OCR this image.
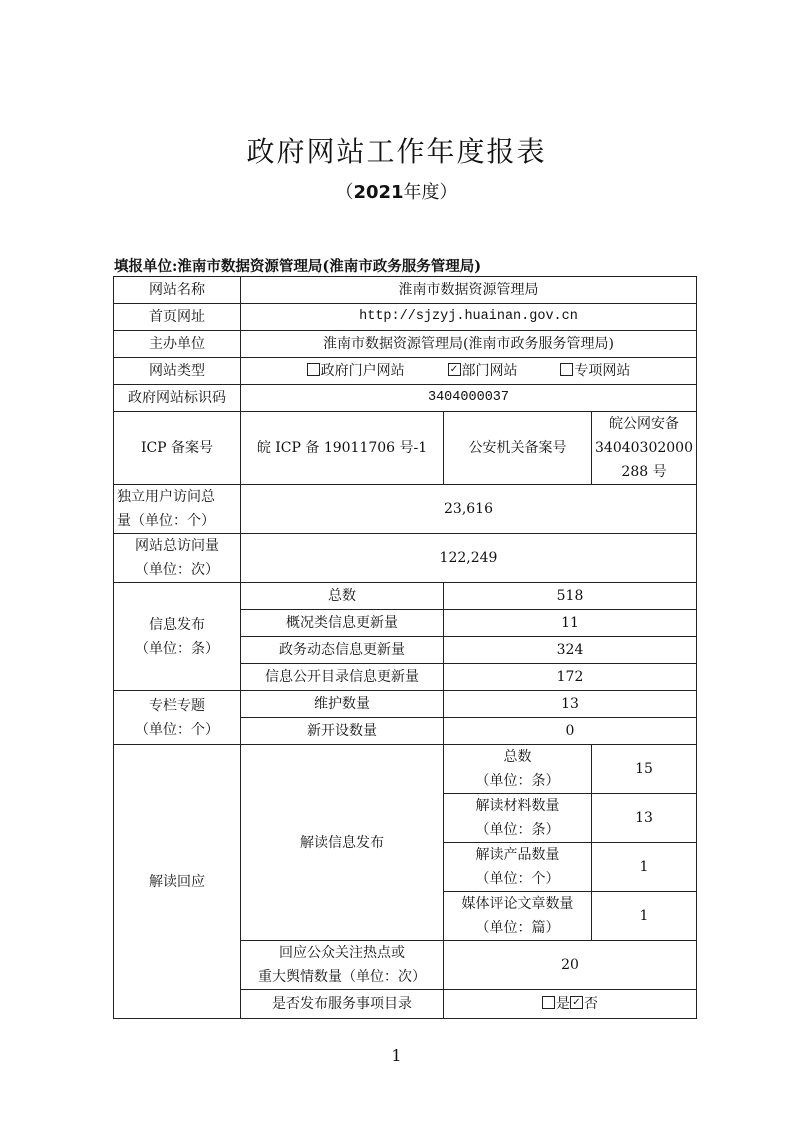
政府网站工作年度报表
（2021年度）
填报单位:淮南市数据资源管理局(淮南市政务服务管理局)
网站名称	淮南市数据资源管理局		
首页网址	http://sjzyj.huainan.gov.cn		
主办单位	淮南市数据资源管理局(淮南市政务服务管理局)		
网站类型	政府门户网站 ✓ 部门网站 专项网站
政府网站标识码	3404000037		
ICP 备案号	皖 ICP 备 19011706 号-1	公安机关备案号	皖公网安备
34040302000
288 号

独立用户访问总
量（单位：个）	23,616		

网站总访问量
（单位：次）	122,249		

信息发布
（单位：条）	总数	518	
	概况类信息更新量	11	
	政务动态信息更新量	324	
	信息公开目录信息更新量	172	

专栏专题
（单位：个）	维护数量	13	
	新开设数量	0	
解读回应	解读信息发布	总数
（单位：条）	15

		解读材料数量
（单位：条）	13

		解读产品数量
（单位：个）	1

		媒体评论文章数量
（单位：篇）	1

	回应公众关注热点或
重大舆情数量（单位：次）	20	
	是否发布服务事项目录	是 ✓ 否
1
